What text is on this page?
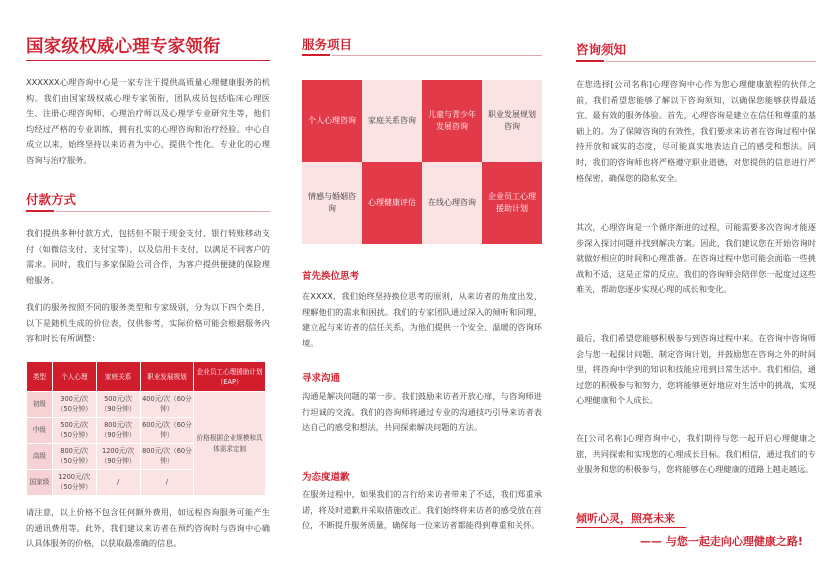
国家级权威心理专家领衔

XXXXXX心理咨询中心是一家专注于提供高质量心理健康服务的机构。我们由国家级权威心理专家领衔，团队成员包括临床心理医生、注册心理咨询师、心理治疗师以及心理学专业研究生等，他们均经过严格的专业训练，拥有扎实的心理咨询和治疗经验。中心自成立以来，始终坚持以来访者为中心，提供个性化、专业化的心理咨询与治疗服务。

付款方式

我们提供多种付款方式，包括但不限于现金支付、银行转账移动支付（如微信支付、支付宝等），以及信用卡支付，以满足不同客户的需求。同时，我们与多家保险公司合作，为客户提供便捷的保险理赔服务。

我们的服务按照不同的服务类型和专家级别，分为以下四个类目，以下是随机生成的价位表，仅供参考，实际价格可能会根据服务内容和时长有所调整：

类型	个人心理	家庭关系	职业发展规划	企业员工心理援助计划（EAP）
初级	300元/次（50分钟）	500元/次（90分钟）	400元/次（60分钟）	价格根据企业规模和具体需求定制
中级	500元/次（50分钟）	800元/次（90分钟）	600元/次（60分钟）	
高级	800元/次（50分钟）	1200元/次（90分钟）	800元/次（60分钟）	
国家级	1200元/次（50分钟）	/	/	

请注意，以上价格不包含任何额外费用，如远程咨询服务可能产生的通讯费用等。此外，我们建议来访者在预约咨询时与咨询中心确认具体服务的价格，以获取最准确的信息。

服务项目
个人心理咨询	家庭关系咨询
儿童与青少年发展咨询
职业发展规划咨询
情感与婚姻咨询
心理健康评估	在线心理咨询
企业员工心理援助计划
首先换位思考

在XXXX，我们始终坚持换位思考的原则，从来访者的角度出发，理解他们的需求和困扰。我们的专家团队通过深入的倾听和同理，建立起与来访者的信任关系，为他们提供一个安全、温暖的咨询环境。

寻求沟通

沟通是解决问题的第一步。我们鼓励来访者开放心扉，与咨询师进行坦诚的交流。我们的咨询师将通过专业的沟通技巧引导来访者表达自己的感受和想法，共同探索解决问题的方法。

为态度道歉

在服务过程中，如果我们的言行给来访者带来了不适，我们郑重承诺，将及时道歉并采取措施改正。我们始终将来访者的感受放在首位，不断提升服务质量，确保每一位来访者都能得到尊重和关怀。

咨询须知

在您选择[公司名称]心理咨询中心作为您心理健康旅程的伙伴之前，我们希望您能够了解以下咨询须知，以确保您能够获得最适宜、最有效的服务体验。首先，心理咨询是建立在信任和尊重的基础上的。为了保障咨询的有效性，我们要求来访者在咨询过程中保持开放和诚实的态度，尽可能真实地表达自己的感受和想法。同时，我们的咨询师也将严格遵守职业道德，对您提供的信息进行严格保密，确保您的隐私安全。

其次，心理咨询是一个循序渐进的过程，可能需要多次咨询才能逐步深入探讨问题并找到解决方案。因此，我们建议您在开始咨询时就做好相应的时间和心理准备。在咨询过程中您可能会面临一些挑战和不适，这是正常的反应。我们的咨询师会陪伴您一起度过这些难关，帮助您逐步实现心理的成长和变化。

最后，我们希望您能够积极参与到咨询过程中来。在咨询中咨询师会与您一起探讨问题、制定咨询计划，并鼓励您在咨询之外的时间里，将咨询中学到的知识和技能应用到日常生活中。我们相信，通过您的积极参与和努力，您将能够更好地应对生活中的挑战，实现心理健康和个人成长。

在[公司名称]心理咨询中心，我们期待与您一起开启心理健康之旅，共同探索和实现您的心理成长目标。我们相信，通过我们的专业服务和您的积极参与，您将能够在心理健康的道路上越走越远。

倾听心灵，照亮未来
—— 与您一起走向心理健康之路!
